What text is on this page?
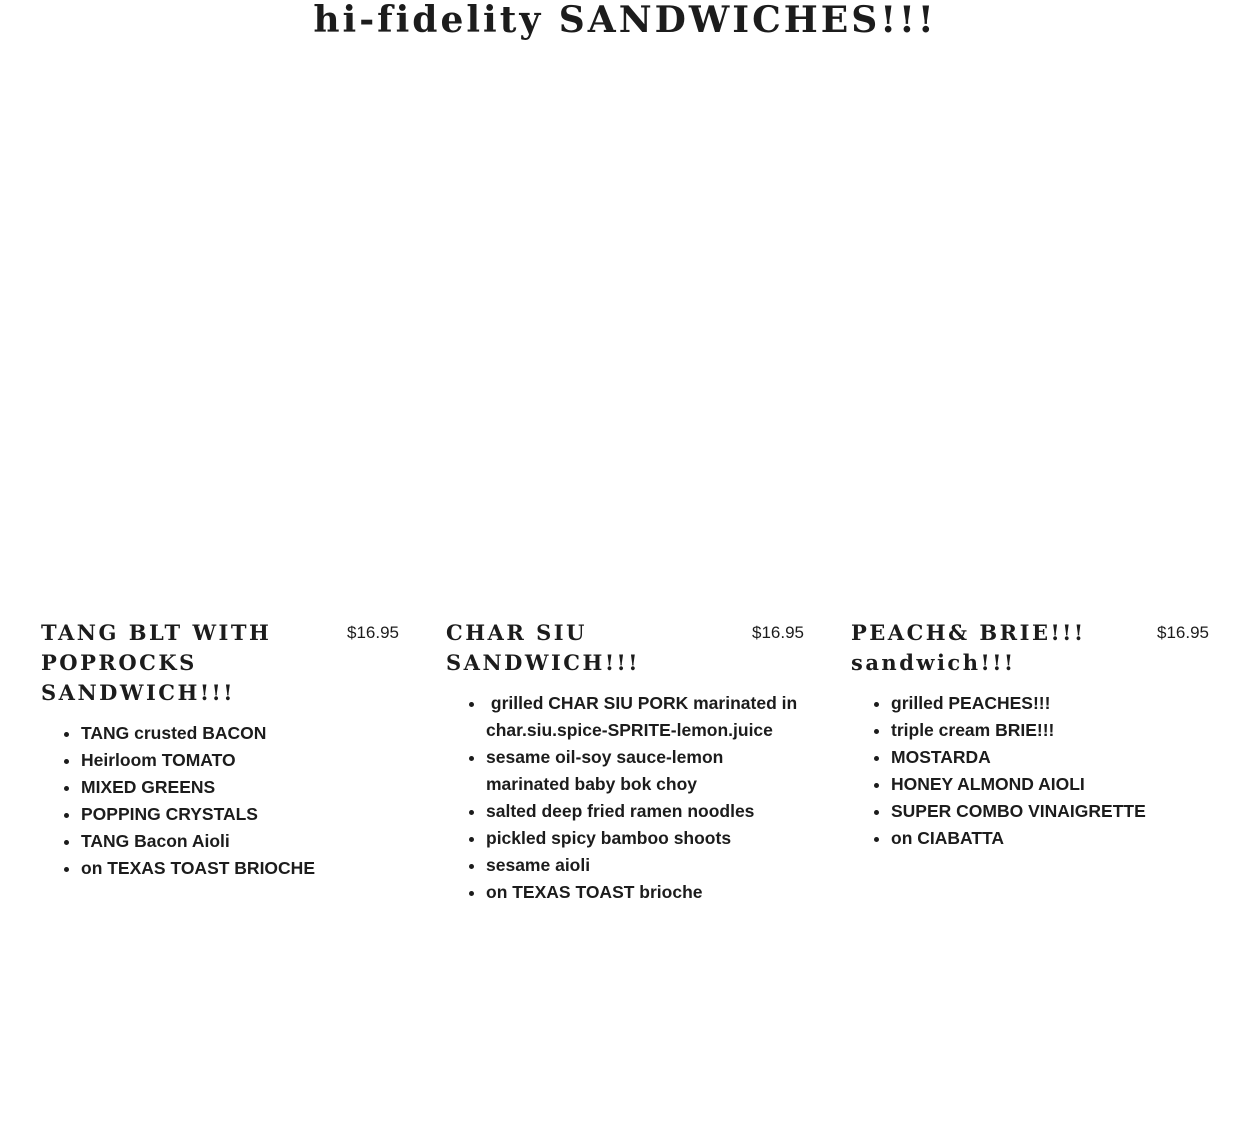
hi-fidelity SANDWICHES!!!
TANG BLT WITH POPROCKS SANDWICH!!!
$16.95
• TANG crusted BACON
• Heirloom TOMATO
• MIXED GREENS
• POPPING CRYSTALS
• TANG Bacon Aioli
• on TEXAS TOAST BRIOCHE
CHAR SIU SANDWICH!!!
$16.95
•  grilled CHAR SIU PORK marinated in char.siu.spice-SPRITE-lemon.juice
• sesame oil-soy sauce-lemon marinated baby bok choy
• salted deep fried ramen noodles
• pickled spicy bamboo shoots
• sesame aioli
• on TEXAS TOAST brioche
PEACH& BRIE!!! sandwich!!!
$16.95
• grilled PEACHES!!!
• triple cream BRIE!!!
• MOSTARDA
• HONEY ALMOND AIOLI
• SUPER COMBO VINAIGRETTE
• on CIABATTA
